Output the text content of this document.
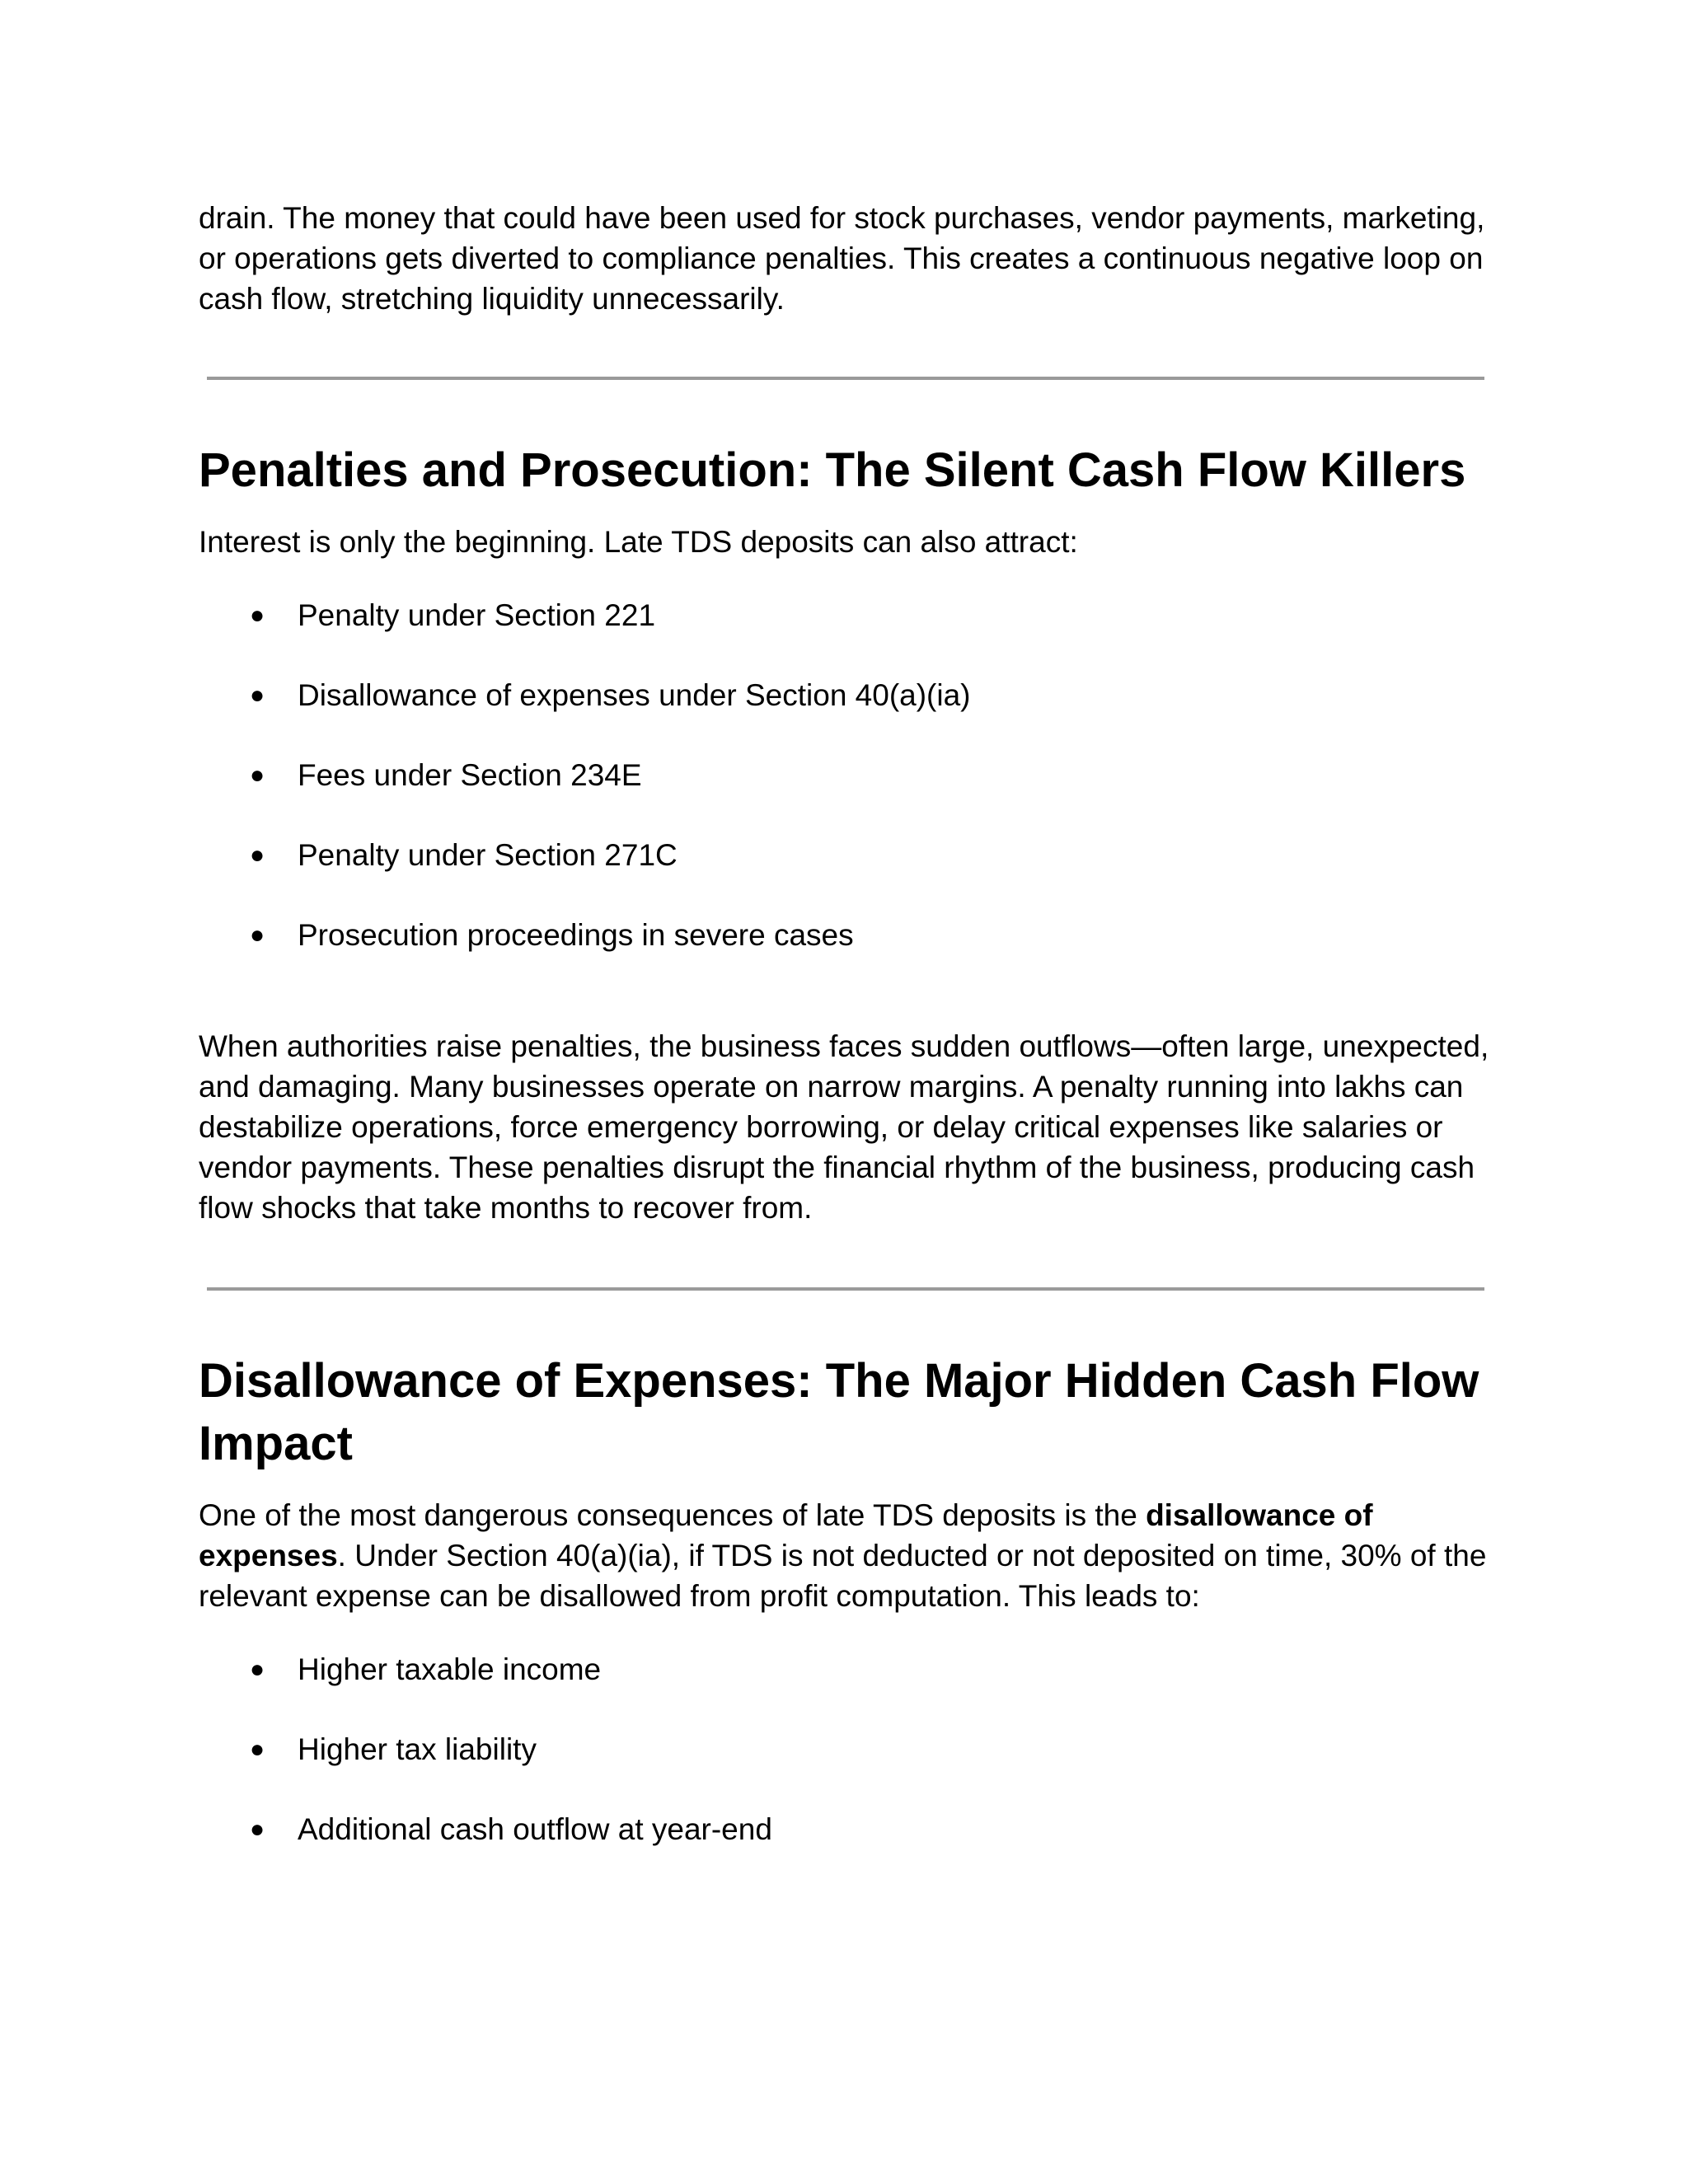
drain. The money that could have been used for stock purchases, vendor payments, marketing, or operations gets diverted to compliance penalties. This creates a continuous negative loop on cash flow, stretching liquidity unnecessarily.

Penalties and Prosecution: The Silent Cash Flow Killers

Interest is only the beginning. Late TDS deposits can also attract:

● Penalty under Section 221
● Disallowance of expenses under Section 40(a)(ia)
● Fees under Section 234E
● Penalty under Section 271C
● Prosecution proceedings in severe cases

When authorities raise penalties, the business faces sudden outflows—often large, unexpected, and damaging. Many businesses operate on narrow margins. A penalty running into lakhs can destabilize operations, force emergency borrowing, or delay critical expenses like salaries or vendor payments. These penalties disrupt the financial rhythm of the business, producing cash flow shocks that take months to recover from.

Disallowance of Expenses: The Major Hidden Cash Flow Impact

One of the most dangerous consequences of late TDS deposits is the disallowance of expenses. Under Section 40(a)(ia), if TDS is not deducted or not deposited on time, 30% of the relevant expense can be disallowed from profit computation. This leads to:

● Higher taxable income
● Higher tax liability
● Additional cash outflow at year-end
